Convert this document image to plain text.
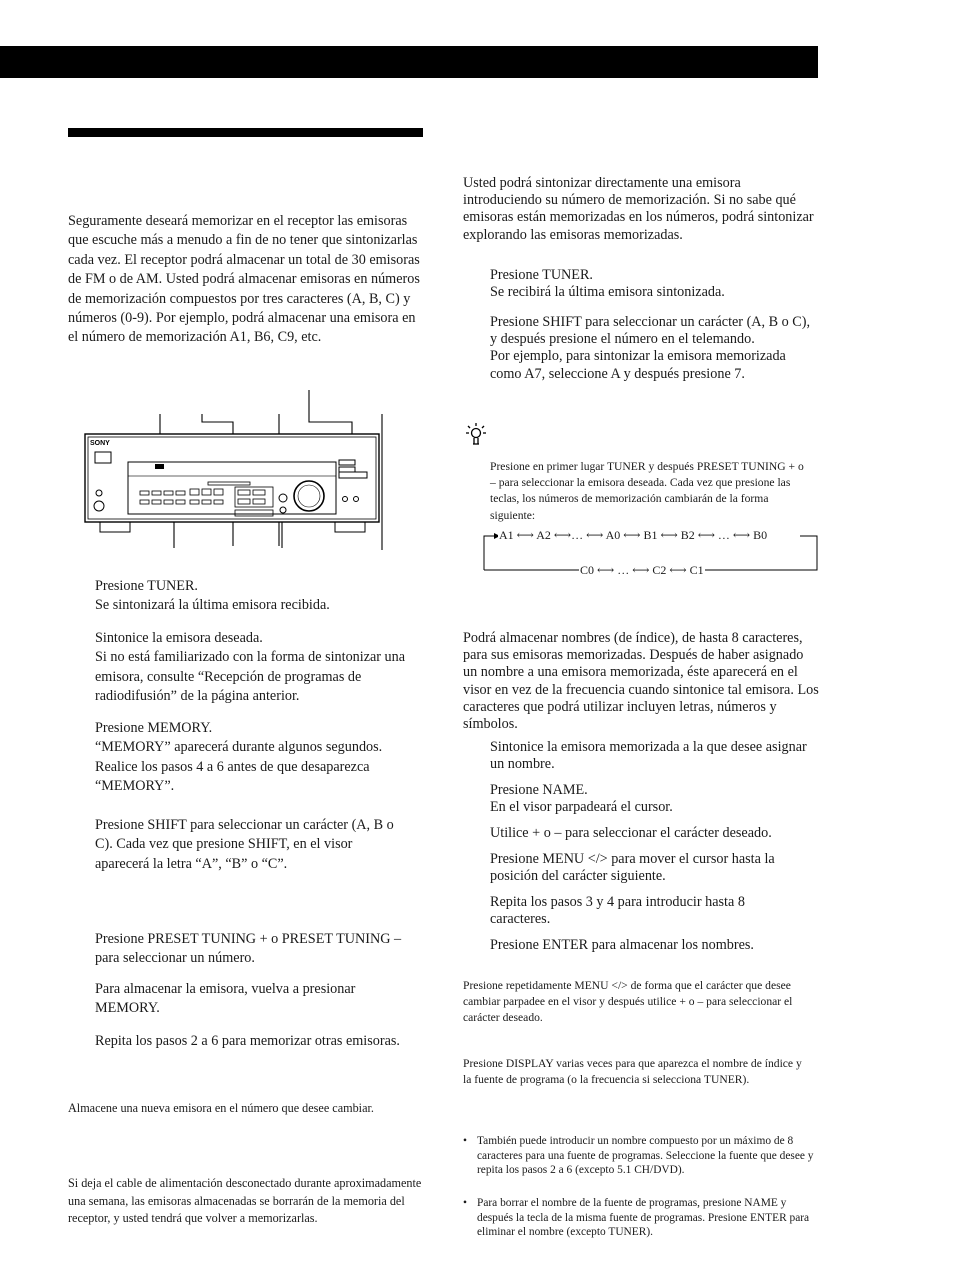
Seguramente deseará memorizar en el receptor las emisoras que escuche más a menudo a fin de no tener que sintonizarlas cada vez. El receptor podrá almacenar un total de 30 emisoras de FM o de AM. Usted podrá almacenar emisoras en números de memorización compuestos por tres caracteres (A, B, C) y números (0-9). Por ejemplo, podrá almacenar una emisora en el número de memorización A1, B6, C9, etc.

SONY

Presione TUNER.

Se sintonizará la última emisora recibida.

Sintonice la emisora deseada.
Si no está familiarizado con la forma de sintonizar una emisora, consulte “Recepción de programas de radiodifusión” de la página anterior.

Presione MEMORY.
“MEMORY” aparecerá durante algunos segundos. Realice los pasos 4 a 6 antes de que desaparezca “MEMORY”.

Presione SHIFT para seleccionar un carácter (A, B o C). Cada vez que presione SHIFT, en el visor aparecerá la letra “A”, “B” o “C”.

Presione PRESET TUNING + o PRESET TUNING – para seleccionar un número.

Para almacenar la emisora, vuelva a presionar MEMORY.

Repita los pasos 2 a 6 para memorizar otras emisoras.

Almacene una nueva emisora en el número que desee cambiar.

Si deja el cable de alimentación desconectado durante aproximadamente una semana, las emisoras almacenadas se borrarán de la memoria del receptor, y usted tendrá que volver a memorizarlas.

Usted podrá sintonizar directamente una emisora introduciendo su número de memorización. Si no sabe qué emisoras están memorizadas en los números, podrá sintonizar explorando las emisoras memorizadas.

Presione TUNER.
Se recibirá la última emisora sintonizada.

Presione SHIFT para seleccionar un carácter (A, B o C), y después presione el número en el telemando.
Por ejemplo, para sintonizar la emisora memorizada como A7, seleccione A y después presione 7.

Presione en primer lugar TUNER y después PRESET TUNING + o – para seleccionar la emisora deseada. Cada vez que presione las teclas, los números de memorización cambiarán de la forma siguiente:

A1 ⟷ A2 ⟷… ⟷ A0 ⟷ B1 ⟷ B2 ⟷ … ⟷ B0
C0 ⟷ … ⟷ C2 ⟷ C1

Podrá almacenar nombres (de índice), de hasta 8 caracteres, para sus emisoras memorizadas. Después de haber asignado un nombre a una emisora memorizada, éste aparecerá en el visor en vez de la frecuencia cuando sintonice tal emisora. Los caracteres que podrá utilizar incluyen letras, números y símbolos.

Sintonice la emisora memorizada a la que desee asignar un nombre.

Presione NAME.
En el visor parpadeará el cursor.

Utilice + o – para seleccionar el carácter deseado.

Presione MENU </> para mover el cursor hasta la posición del carácter siguiente.

Repita los pasos 3 y 4 para introducir hasta 8 caracteres.

Presione ENTER para almacenar los nombres.

Presione repetidamente MENU </> de forma que el carácter que desee cambiar parpadee en el visor y después utilice + o – para seleccionar el carácter deseado.

Presione DISPLAY varias veces para que aparezca el nombre de índice y la fuente de programa (o la frecuencia si selecciona TUNER).

• También puede introducir un nombre compuesto por un máximo de 8 caracteres para una fuente de programas. Seleccione la fuente que desee y repita los pasos 2 a 6 (excepto 5.1 CH/DVD).
• Para borrar el nombre de la fuente de programas, presione NAME y después la tecla de la misma fuente de programas. Presione ENTER para eliminar el nombre (excepto TUNER).
